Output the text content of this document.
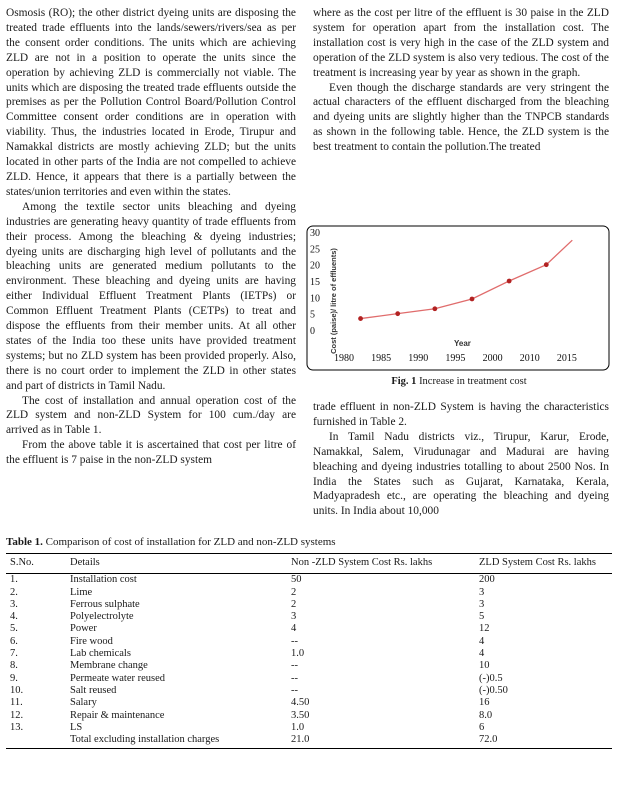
Osmosis (RO); the other district dyeing units are disposing the treated trade effluents into the lands/sewers/rivers/sea as per the consent order conditions. The units which are achieving ZLD are not in a position to operate the units since the operation by achieving ZLD is commercially not viable. The units which are disposing the treated trade effluents outside the premises as per the Pollution Control Board/Pollution Control Committee consent order conditions are in operation with viability. Thus, the industries located in Erode, Tirupur and Namakkal districts are mostly achieving ZLD; but the units located in other parts of the India are not compelled to achieve ZLD. Hence, it appears that there is a partially between the states/union territories and even within the states.

Among the textile sector units bleaching and dyeing industries are generating heavy quantity of trade effluents from their process. Among the bleaching & dyeing industries; dyeing units are discharging high level of pollutants and the bleaching units are generated medium pollutants to the environment. These bleaching and dyeing units are having either Individual Effluent Treatment Plants (IETPs) or Common Effluent Treatment Plants (CETPs) to treat and dispose the effluents from their member units. At all other states of the India too these units have provided treatment systems; but no ZLD system has been provided properly. Also, there is no court order to implement the ZLD in other states and part of districts in Tamil Nadu.

The cost of installation and annual operation cost of the ZLD system and non-ZLD System for 100 cum./day are arrived as in Table 1.

From the above table it is ascertained that cost per litre of the effluent is 7 paise in the non-ZLD system

where as the cost per litre of the effluent is 30 paise in the ZLD system for operation apart from the installation cost. The installation cost is very high in the case of the ZLD system and operation of the ZLD system is also very tedious. The cost of the treatment is increasing year by year as shown in the graph.

Even though the discharge standards are very stringent the actual characters of the effluent discharged from the bleaching and dyeing units are slightly higher than the TNPCB standards as shown in the following table. Hence, the ZLD system is the best treatment to contain the pollution.The treated

Cost (paise)/ litre of effluents)	Year
0
5
10
15
20
25
30
1980 1985 1990 1995 2000 2010 2015
Fig. 1 Increase in treatment cost

trade effluent in non-ZLD System is having the characteristics furnished in Table 2.

In Tamil Nadu districts viz., Tirupur, Karur, Erode, Namakkal, Salem, Virudunagar and Madurai are having bleaching and dyeing industries totalling to about 2500 Nos. In India the States such as Gujarat, Karnataka, Kerala, Madyapradesh etc., are operating the bleaching and dyeing units. In India about 10,000

Table 1. Comparison of cost of installation for ZLD and non-ZLD systems
S.No.	Details	Non -ZLD System Cost Rs. lakhs	ZLD System Cost Rs. lakhs
1.	Installation cost	50	200
2.	Lime	2	3
3.	Ferrous sulphate	2	3
4.	Polyelectrolyte	3	5
5.	Power	4	12
6.	Fire wood	--	4
7.	Lab chemicals	1.0	4
8.	Membrane change	--	10
9.	Permeate water reused	--	(-)0.5
10.	Salt reused	--	(-)0.50
11.	Salary	4.50	16
12.	Repair & maintenance	3.50	8.0
13.	LS	1.0	6
	Total excluding installation charges	21.0	72.0
